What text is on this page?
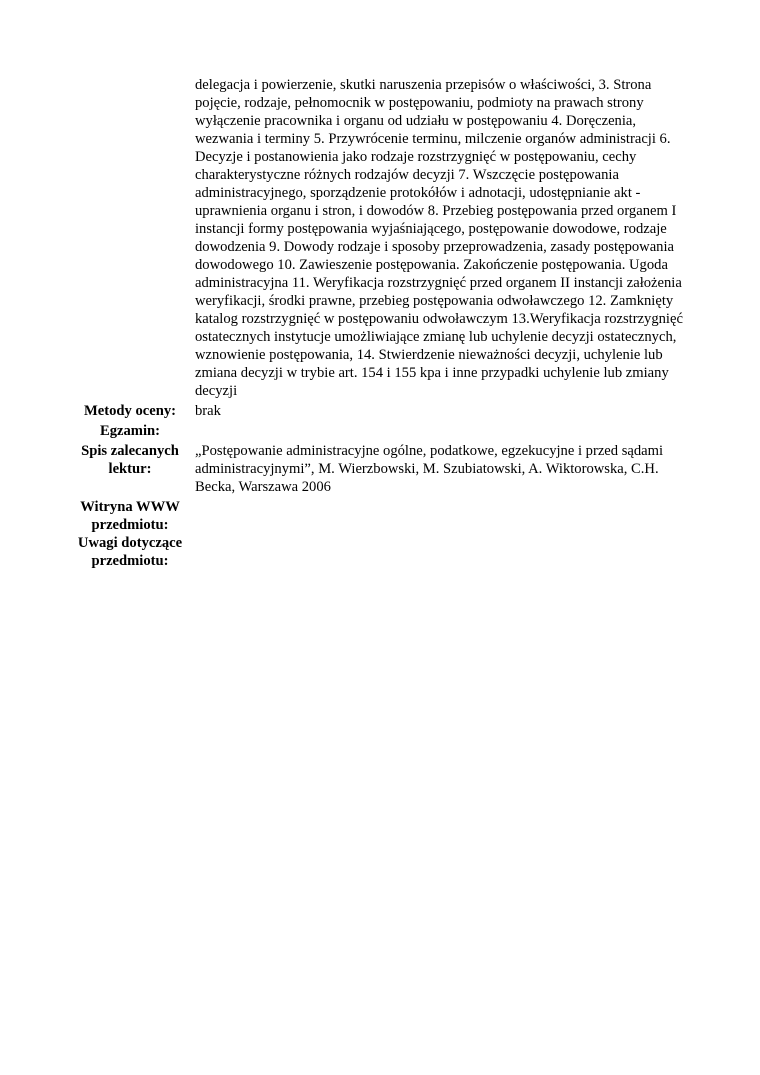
	delegacja i powierzenie, skutki naruszenia przepisów o właściwości, 3. Strona pojęcie, rodzaje, pełnomocnik w postępowaniu, podmioty na prawach strony wyłączenie pracownika i organu od udziału w postępowaniu 4. Doręczenia, wezwania i terminy 5. Przywrócenie terminu, milczenie organów administracji 6. Decyzje i postanowienia jako rodzaje rozstrzygnięć w postępowaniu, cechy charakterystyczne różnych rodzajów decyzji 7. Wszczęcie postępowania administracyjnego, sporządzenie protokółów i adnotacji, udostępnianie akt - uprawnienia organu i stron, i dowodów 8. Przebieg postępowania przed organem I instancji formy postępowania wyjaśniającego, postępowanie dowodowe, rodzaje dowodzenia 9. Dowody rodzaje i sposoby przeprowadzenia, zasady postępowania dowodowego 10. Zawieszenie postępowania. Zakończenie postępowania. Ugoda administracyjna 11. Weryfikacja rozstrzygnięć przed organem II instancji założenia weryfikacji, środki prawne, przebieg postępowania odwoławczego 12. Zamknięty katalog rozstrzygnięć w postępowaniu odwoławczym 13.Weryfikacja rozstrzygnięć ostatecznych instytucje umożliwiające zmianę lub uchylenie decyzji ostatecznych, wznowienie postępowania, 14. Stwierdzenie nieważności decyzji, uchylenie lub zmiana decyzji w trybie art. 154 i 155 kpa i inne przypadki uchylenie lub zmiany decyzji
Metody oceny:	brak
Egzamin:	
Spis zalecanych lektur:	„Postępowanie administracyjne ogólne, podatkowe, egzekucyjne i przed sądami administracyjnymi”, M. Wierzbowski, M. Szubiatowski, A. Wiktorowska, C.H. Becka, Warszawa 2006
Witryna WWW przedmiotu:	
Uwagi dotyczące przedmiotu:	
